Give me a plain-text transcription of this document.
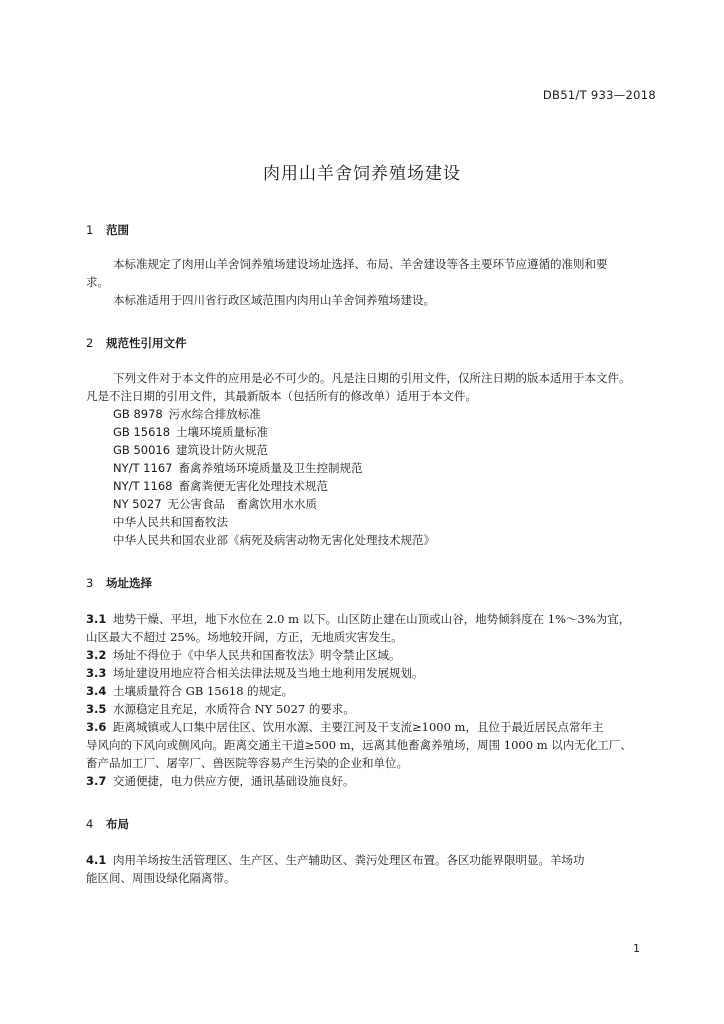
DB51/T 933—2018
肉用山羊舍饲养殖场建设
1 范围
本标准规定了肉用山羊舍饲养殖场建设场址选择、布局、羊舍建设等各主要环节应遵循的准则和要
求。
本标准适用于四川省行政区域范围内肉用山羊舍饲养殖场建设。
2 规范性引用文件
下列文件对于本文件的应用是必不可少的。凡是注日期的引用文件，仅所注日期的版本适用于本文件。
凡是不注日期的引用文件，其最新版本（包括所有的修改单）适用于本文件。
GB 8978 污水综合排放标准
GB 15618 土壤环境质量标准
GB 50016 建筑设计防火规范
NY/T 1167 畜禽养殖场环境质量及卫生控制规范
NY/T 1168 畜禽粪便无害化处理技术规范
NY 5027 无公害食品　畜禽饮用水水质
中华人民共和国畜牧法
中华人民共和国农业部《病死及病害动物无害化处理技术规范》
3 场址选择
3.1 地势干燥、平坦，地下水位在 2.0 m 以下。山区防止建在山顶或山谷，地势倾斜度在 1%～3%为宜，
山区最大不超过 25%。场地较开阔，方正，无地质灾害发生。
3.2 场址不得位于《中华人民共和国畜牧法》明令禁止区域。
3.3 场址建设用地应符合相关法律法规及当地土地利用发展规划。
3.4 土壤质量符合 GB 15618 的规定。
3.5 水源稳定且充足，水质符合 NY 5027 的要求。
3.6 距离城镇或人口集中居住区、饮用水源、主要江河及干支流≥1000 m，且位于最近居民点常年主
导风向的下风向或侧风向。距离交通主干道≥500 m，远离其他畜禽养殖场，周围 1000 m 以内无化工厂、
畜产品加工厂、屠宰厂、兽医院等容易产生污染的企业和单位。
3.7 交通便捷，电力供应方便，通讯基础设施良好。
4 布局
4.1 肉用羊场按生活管理区、生产区、生产辅助区、粪污处理区布置。各区功能界限明显。羊场功
能区间、周围设绿化隔离带。
1
